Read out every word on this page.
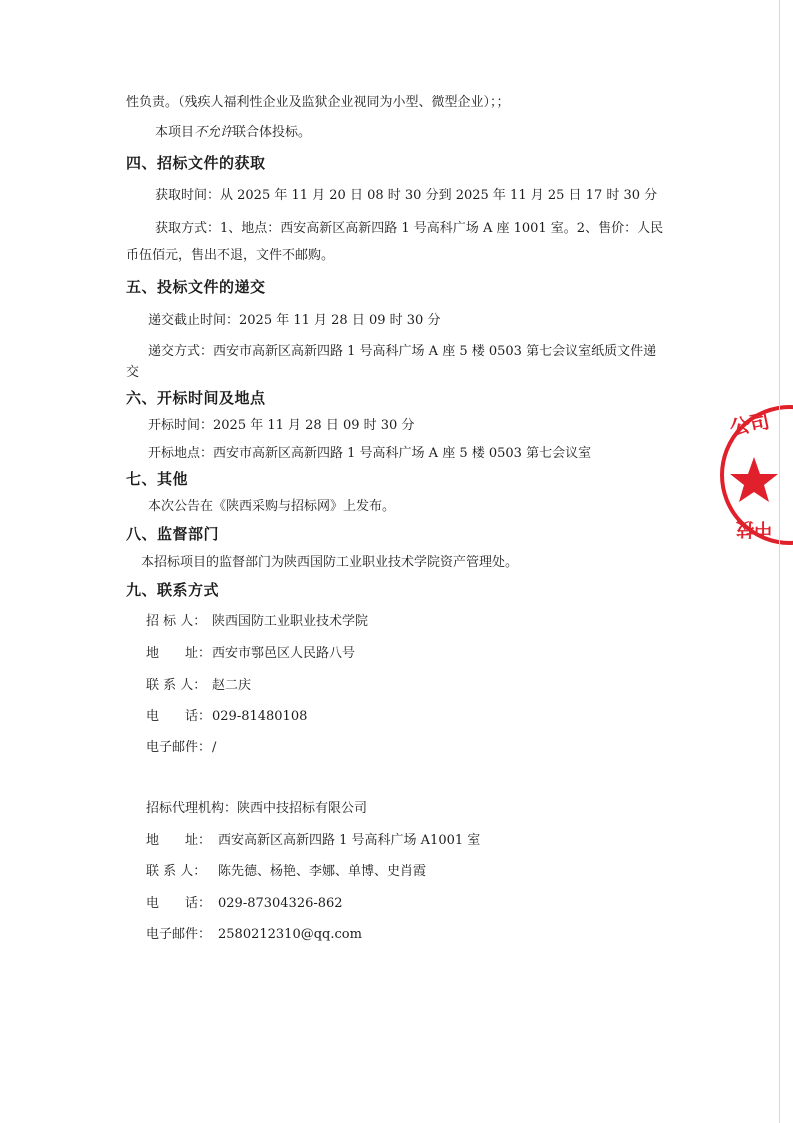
性负责。（残疾人福利性企业及监狱企业视同为小型、微型企业）；；
本项目不允许联合体投标。
四、招标文件的获取
获取时间：从 2025 年 11 月 20 日 08 时 30 分到 2025 年 11 月 25 日 17 时 30 分
获取方式：1、地点：西安高新区高新四路 1 号高科广场 A 座 1001 室。2、售价：人民
币伍佰元，售出不退，文件不邮购。
五、投标文件的递交
递交截止时间：2025 年 11 月 28 日 09 时 30 分
递交方式：西安市高新区高新四路 1 号高科广场 A 座 5 楼 0503 第七会议室纸质文件递
交
六、开标时间及地点
开标时间：2025 年 11 月 28 日 09 时 30 分
开标地点：西安市高新区高新四路 1 号高科广场 A 座 5 楼 0503 第七会议室
七、其他
本次公告在《陕西采购与招标网》上发布。
八、监督部门
本招标项目的监督部门为陕西国防工业职业技术学院资产管理处。
九、联系方式
招 标 人： 陕西国防工业职业技术学院
地　　址：西安市鄠邑区人民路八号
联 系 人： 赵二庆
电　　话：029-81480108
电子邮件：/
招标代理机构：陕西中技招标有限公司
地　　址： 西安高新区高新四路 1 号高科广场 A1001 室
联 系 人： 陈先德、杨艳、李娜、单博、史肖霞
电　　话： 029-87304326-862
电子邮件： 2580212310@qq.com
公司
中技
